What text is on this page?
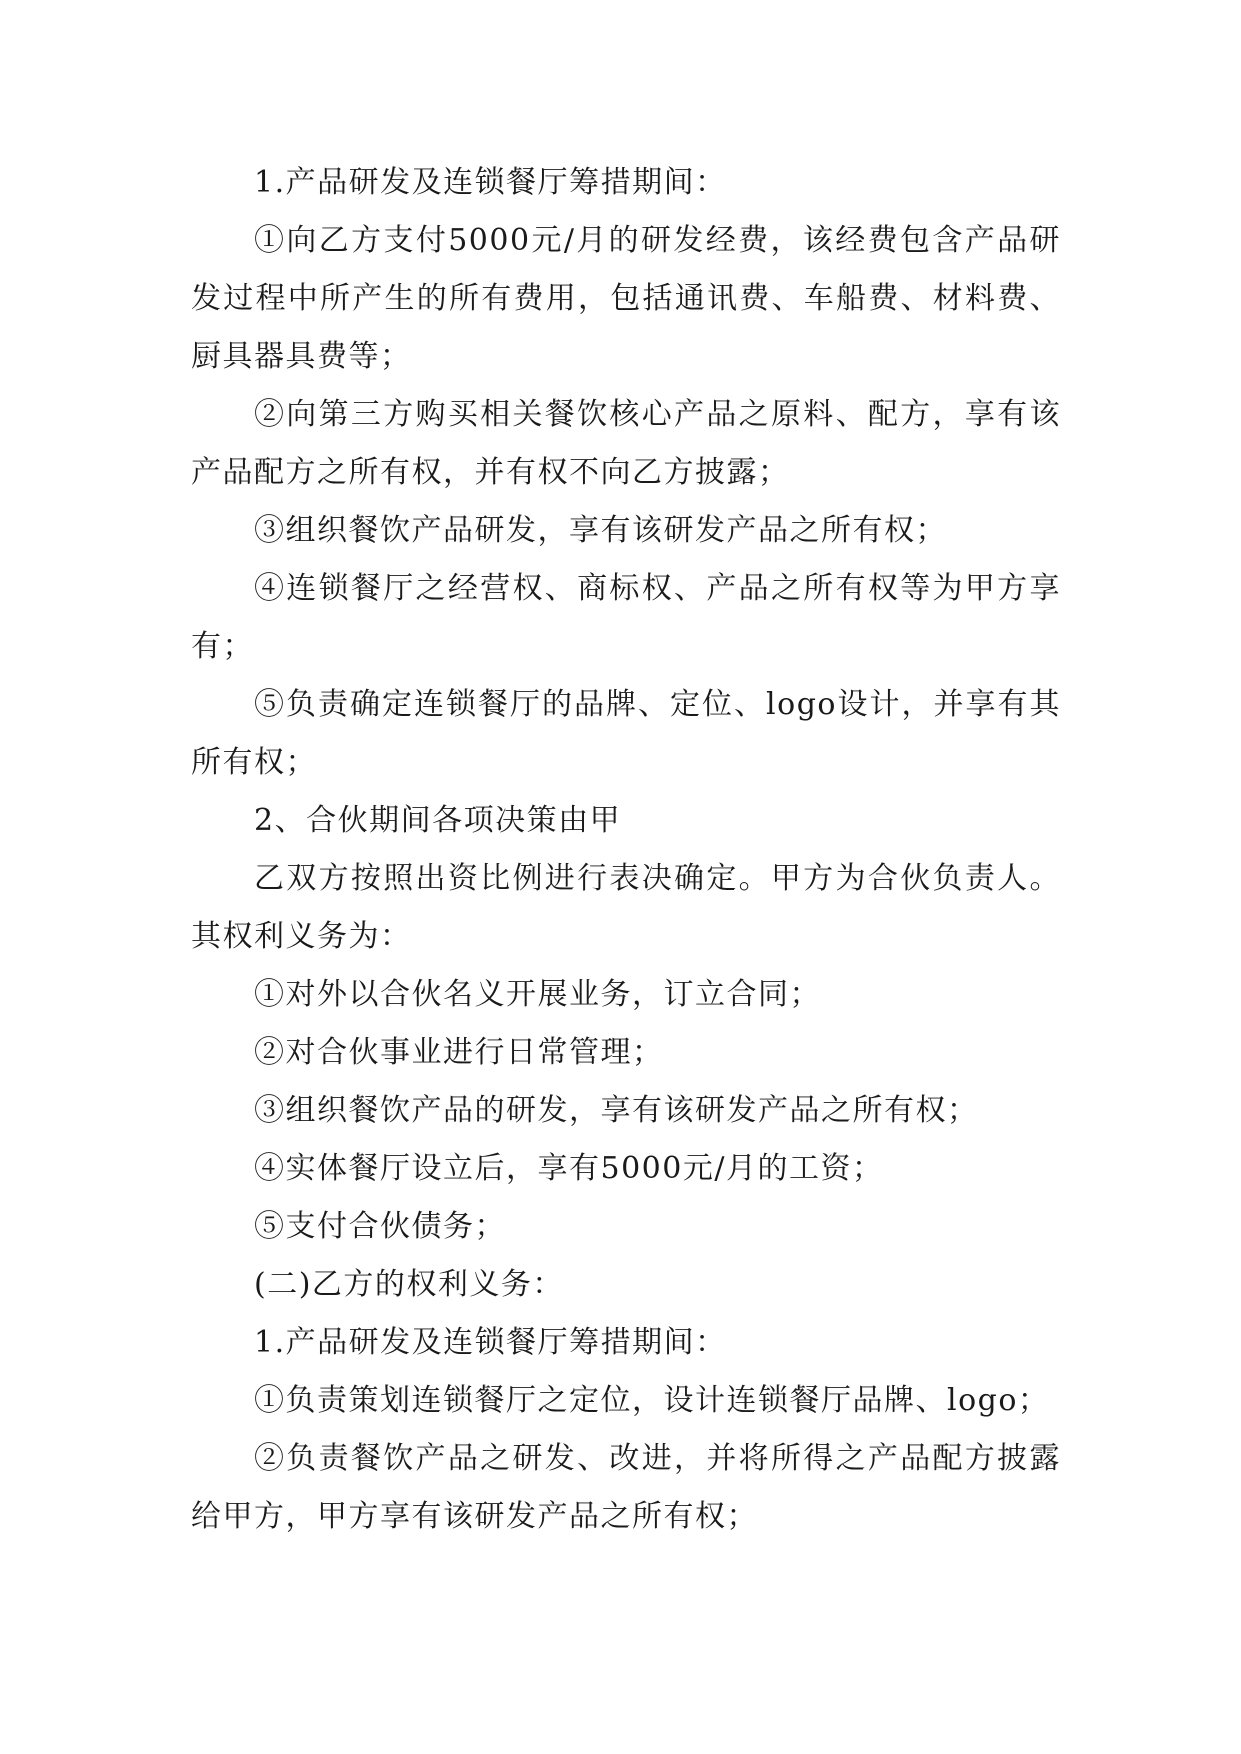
1.产品研发及连锁餐厅筹措期间：

①向乙方支付5000元/月的研发经费，该经费包含产品研发过程中所产生的所有费用，包括通讯费、车船费、材料费、厨具器具费等；

②向第三方购买相关餐饮核心产品之原料、配方，享有该产品配方之所有权，并有权不向乙方披露；

③组织餐饮产品研发，享有该研发产品之所有权；

④连锁餐厅之经营权、商标权、产品之所有权等为甲方享有；

⑤负责确定连锁餐厅的品牌、定位、logo设计，并享有其所有权；

2、合伙期间各项决策由甲

乙双方按照出资比例进行表决确定。甲方为合伙负责人。其权利义务为：

①对外以合伙名义开展业务，订立合同；

②对合伙事业进行日常管理；

③组织餐饮产品的研发，享有该研发产品之所有权；

④实体餐厅设立后，享有5000元/月的工资；

⑤支付合伙债务；

(二)乙方的权利义务：

1.产品研发及连锁餐厅筹措期间：

①负责策划连锁餐厅之定位，设计连锁餐厅品牌、logo；

②负责餐饮产品之研发、改进，并将所得之产品配方披露给甲方，甲方享有该研发产品之所有权；
